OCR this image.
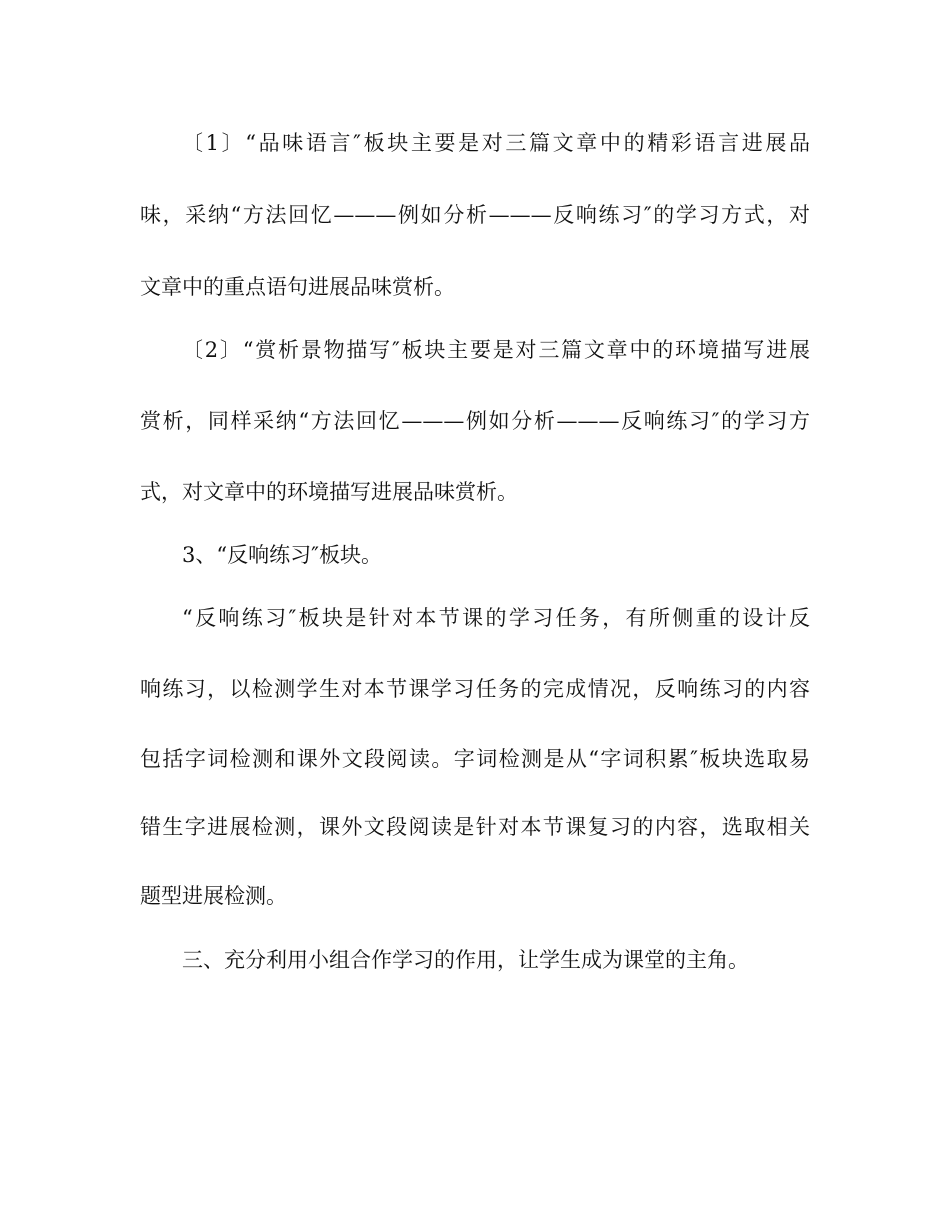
〔1〕“品味语言″板块主要是对三篇文章中的精彩语言进展品

味，采纳“方法回忆———例如分析———反响练习″的学习方式，对

文章中的重点语句进展品味赏析。

〔2〕“赏析景物描写″板块主要是对三篇文章中的环境描写进展

赏析，同样采纳“方法回忆———例如分析———反响练习″的学习方

式，对文章中的环境描写进展品味赏析。

3、“反响练习″板块。

“反响练习″板块是针对本节课的学习任务，有所侧重的设计反

响练习，以检测学生对本节课学习任务的完成情况，反响练习的内容

包括字词检测和课外文段阅读。字词检测是从“字词积累″板块选取易

错生字进展检测，课外文段阅读是针对本节课复习的内容，选取相关

题型进展检测。

三、充分利用小组合作学习的作用，让学生成为课堂的主角。
